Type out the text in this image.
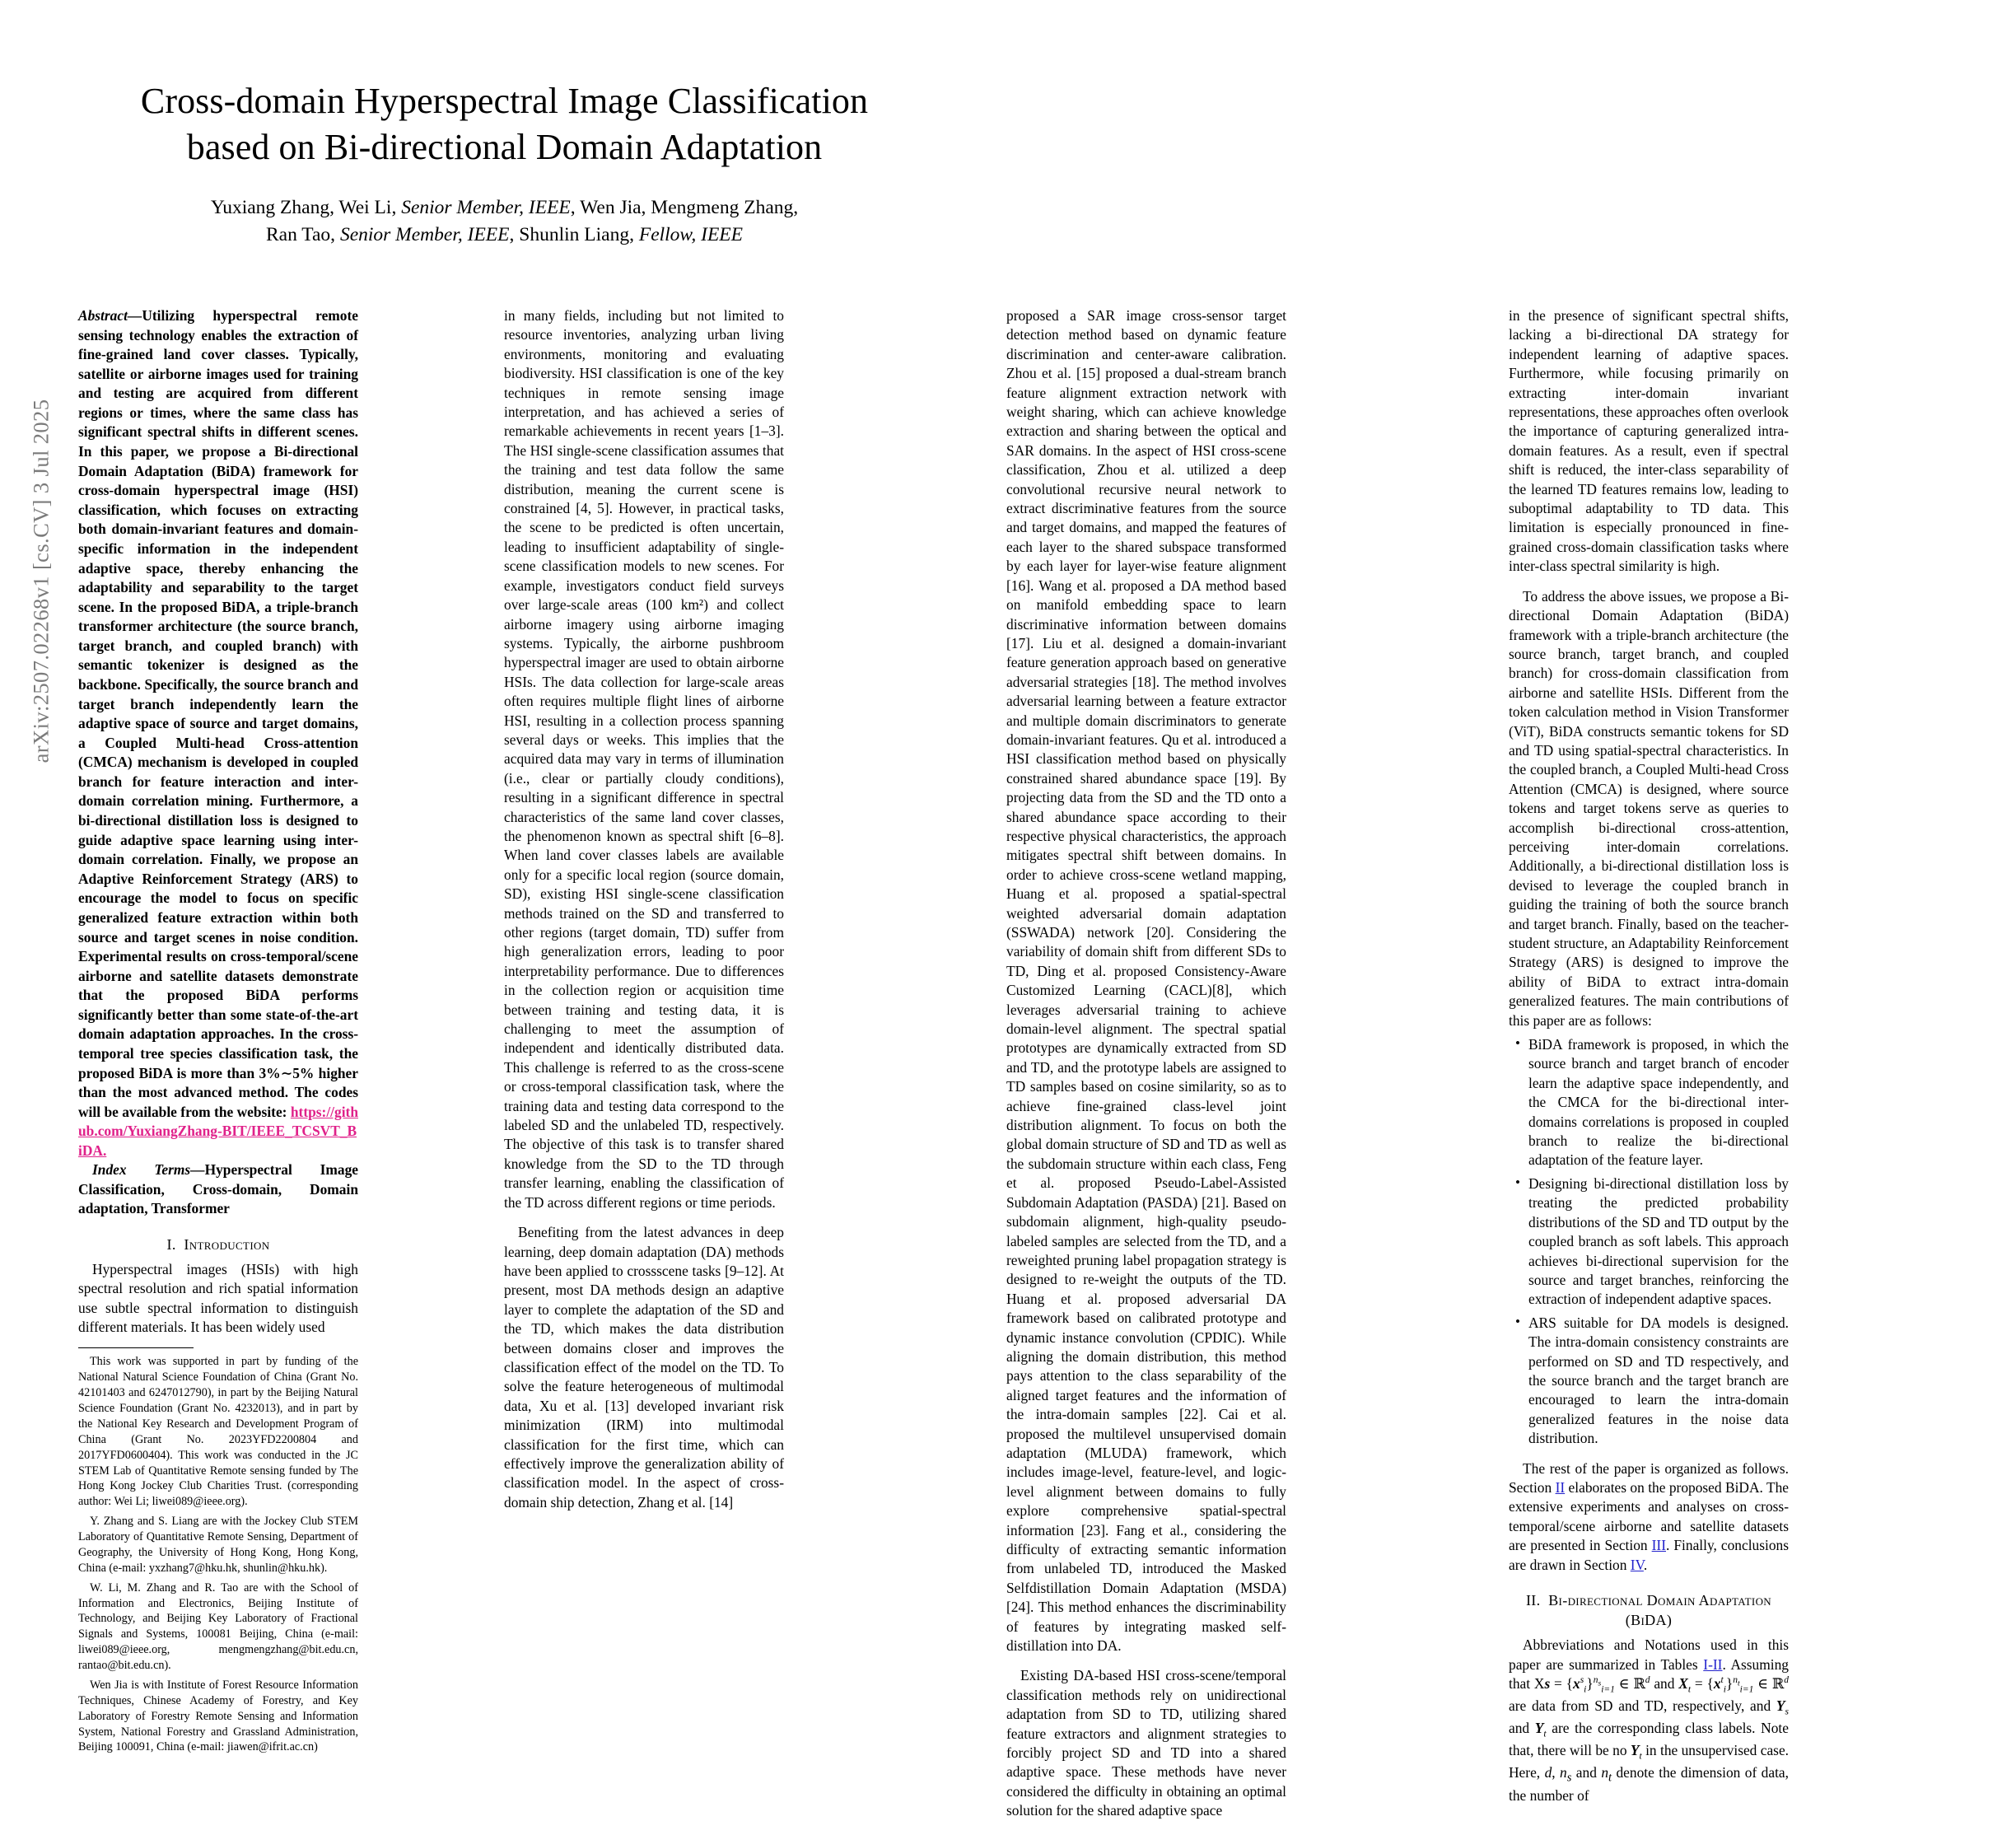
arXiv:2507.02268v1 [cs.CV] 3 Jul 2025
Cross-domain Hyperspectral Image Classification
based on Bi-directional Domain Adaptation
Yuxiang Zhang, Wei Li, Senior Member, IEEE, Wen Jia, Mengmeng Zhang,
Ran Tao, Senior Member, IEEE, Shunlin Liang, Fellow, IEEE

Abstract—Utilizing hyperspectral remote sensing technology enables the extraction of fine-grained land cover classes. Typically, satellite or airborne images used for training and testing are acquired from different regions or times, where the same class has significant spectral shifts in different scenes. In this paper, we propose a Bi-directional Domain Adaptation (BiDA) framework for cross-domain hyperspectral image (HSI) classification, which focuses on extracting both domain-invariant features and domain-specific information in the independent adaptive space, thereby enhancing the adaptability and separability to the target scene. In the proposed BiDA, a triple-branch transformer architecture (the source branch, target branch, and coupled branch) with semantic tokenizer is designed as the backbone. Specifically, the source branch and target branch independently learn the adaptive space of source and target domains, a Coupled Multi-head Cross-attention (CMCA) mechanism is developed in coupled branch for feature interaction and inter-domain correlation mining. Furthermore, a bi-directional distillation loss is designed to guide adaptive space learning using inter-domain correlation. Finally, we propose an Adaptive Reinforcement Strategy (ARS) to encourage the model to focus on specific generalized feature extraction within both source and target scenes in noise condition. Experimental results on cross-temporal/scene airborne and satellite datasets demonstrate that the proposed BiDA performs significantly better than some state-of-the-art domain adaptation approaches. In the cross-temporal tree species classification task, the proposed BiDA is more than 3%∼5% higher than the most advanced method. The codes will be available from the website: https://github.com/YuxiangZhang-BIT/IEEE_TCSVT_BiDA.

Index Terms—Hyperspectral Image Classification, Cross-domain, Domain adaptation, Transformer

I. Introduction

Hyperspectral images (HSIs) with high spectral resolution and rich spatial information use subtle spectral information to distinguish different materials. It has been widely used

This work was supported in part by funding of the National Natural Science Foundation of China (Grant No. 42101403 and 6247012790), in part by the Beijing Natural Science Foundation (Grant No. 4232013), and in part by the National Key Research and Development Program of China (Grant No. 2023YFD2200804 and 2017YFD0600404). This work was conducted in the JC STEM Lab of Quantitative Remote sensing funded by The Hong Kong Jockey Club Charities Trust. (corresponding author: Wei Li; liwei089@ieee.org).

Y. Zhang and S. Liang are with the Jockey Club STEM Laboratory of Quantitative Remote Sensing, Department of Geography, the University of Hong Kong, Hong Kong, China (e-mail: yxzhang7@hku.hk, shunlin@hku.hk).

W. Li, M. Zhang and R. Tao are with the School of Information and Electronics, Beijing Institute of Technology, and Beijing Key Laboratory of Fractional Signals and Systems, 100081 Beijing, China (e-mail: liwei089@ieee.org, mengmengzhang@bit.edu.cn, rantao@bit.edu.cn).

Wen Jia is with Institute of Forest Resource Information Techniques, Chinese Academy of Forestry, and Key Laboratory of Forestry Remote Sensing and Information System, National Forestry and Grassland Administration, Beijing 100091, China (e-mail: jiawen@ifrit.ac.cn)

in many fields, including but not limited to resource inventories, analyzing urban living environments, monitoring and evaluating biodiversity. HSI classification is one of the key techniques in remote sensing image interpretation, and has achieved a series of remarkable achievements in recent years [1–3]. The HSI single-scene classification assumes that the training and test data follow the same distribution, meaning the current scene is constrained [4, 5]. However, in practical tasks, the scene to be predicted is often uncertain, leading to insufficient adaptability of single-scene classification models to new scenes. For example, investigators conduct field surveys over large-scale areas (100 km²) and collect airborne imagery using airborne imaging systems. Typically, the airborne pushbroom hyperspectral imager are used to obtain airborne HSIs. The data collection for large-scale areas often requires multiple flight lines of airborne HSI, resulting in a collection process spanning several days or weeks. This implies that the acquired data may vary in terms of illumination (i.e., clear or partially cloudy conditions), resulting in a significant difference in spectral characteristics of the same land cover classes, the phenomenon known as spectral shift [6–8]. When land cover classes labels are available only for a specific local region (source domain, SD), existing HSI single-scene classification methods trained on the SD and transferred to other regions (target domain, TD) suffer from high generalization errors, leading to poor interpretability performance. Due to differences in the collection region or acquisition time between training and testing data, it is challenging to meet the assumption of independent and identically distributed data. This challenge is referred to as the cross-scene or cross-temporal classification task, where the training data and testing data correspond to the labeled SD and the unlabeled TD, respectively. The objective of this task is to transfer shared knowledge from the SD to the TD through transfer learning, enabling the classification of the TD across different regions or time periods.

Benefiting from the latest advances in deep learning, deep domain adaptation (DA) methods have been applied to crossscene tasks [9–12]. At present, most DA methods design an adaptive layer to complete the adaptation of the SD and the TD, which makes the data distribution between domains closer and improves the classification effect of the model on the TD. To solve the feature heterogeneous of multimodal data, Xu et al. [13] developed invariant risk minimization (IRM) into multimodal classification for the first time, which can effectively improve the generalization ability of classification model. In the aspect of cross-domain ship detection, Zhang et al. [14]

proposed a SAR image cross-sensor target detection method based on dynamic feature discrimination and center-aware calibration. Zhou et al. [15] proposed a dual-stream branch feature alignment extraction network with weight sharing, which can achieve knowledge extraction and sharing between the optical and SAR domains. In the aspect of HSI cross-scene classification, Zhou et al. utilized a deep convolutional recursive neural network to extract discriminative features from the source and target domains, and mapped the features of each layer to the shared subspace transformed by each layer for layer-wise feature alignment [16]. Wang et al. proposed a DA method based on manifold embedding space to learn discriminative information between domains [17]. Liu et al. designed a domain-invariant feature generation approach based on generative adversarial strategies [18]. The method involves adversarial learning between a feature extractor and multiple domain discriminators to generate domain-invariant features. Qu et al. introduced a HSI classification method based on physically constrained shared abundance space [19]. By projecting data from the SD and the TD onto a shared abundance space according to their respective physical characteristics, the approach mitigates spectral shift between domains. In order to achieve cross-scene wetland mapping, Huang et al. proposed a spatial-spectral weighted adversarial domain adaptation (SSWADA) network [20]. Considering the variability of domain shift from different SDs to TD, Ding et al. proposed Consistency-Aware Customized Learning (CACL)[8], which leverages adversarial training to achieve domain-level alignment. The spectral spatial prototypes are dynamically extracted from SD and TD, and the prototype labels are assigned to TD samples based on cosine similarity, so as to achieve fine-grained class-level joint distribution alignment. To focus on both the global domain structure of SD and TD as well as the subdomain structure within each class, Feng et al. proposed Pseudo-Label-Assisted Subdomain Adaptation (PASDA) [21]. Based on subdomain alignment, high-quality pseudo-labeled samples are selected from the TD, and a reweighted pruning label propagation strategy is designed to re-weight the outputs of the TD. Huang et al. proposed adversarial DA framework based on calibrated prototype and dynamic instance convolution (CPDIC). While aligning the domain distribution, this method pays attention to the class separability of the aligned target features and the information of the intra-domain samples [22]. Cai et al. proposed the multilevel unsupervised domain adaptation (MLUDA) framework, which includes image-level, feature-level, and logic-level alignment between domains to fully explore comprehensive spatial-spectral information [23]. Fang et al., considering the difficulty of extracting semantic information from unlabeled TD, introduced the Masked Selfdistillation Domain Adaptation (MSDA) [24]. This method enhances the discriminability of features by integrating masked self-distillation into DA.

Existing DA-based HSI cross-scene/temporal classification methods rely on unidirectional adaptation from SD to TD, utilizing shared feature extractors and alignment strategies to forcibly project SD and TD into a shared adaptive space. These methods have never considered the difficulty in obtaining an optimal solution for the shared adaptive space

in the presence of significant spectral shifts, lacking a bi-directional DA strategy for independent learning of adaptive spaces. Furthermore, while focusing primarily on extracting inter-domain invariant representations, these approaches often overlook the importance of capturing generalized intra-domain features. As a result, even if spectral shift is reduced, the inter-class separability of the learned TD features remains low, leading to suboptimal adaptability to TD data. This limitation is especially pronounced in fine-grained cross-domain classification tasks where inter-class spectral similarity is high.

To address the above issues, we propose a Bi-directional Domain Adaptation (BiDA) framework with a triple-branch architecture (the source branch, target branch, and coupled branch) for cross-domain classification from airborne and satellite HSIs. Different from the token calculation method in Vision Transformer (ViT), BiDA constructs semantic tokens for SD and TD using spatial-spectral characteristics. In the coupled branch, a Coupled Multi-head Cross Attention (CMCA) is designed, where source tokens and target tokens serve as queries to accomplish bi-directional cross-attention, perceiving inter-domain correlations. Additionally, a bi-directional distillation loss is devised to leverage the coupled branch in guiding the training of both the source branch and target branch. Finally, based on the teacher-student structure, an Adaptability Reinforcement Strategy (ARS) is designed to improve the ability of BiDA to extract intra-domain generalized features. The main contributions of this paper are as follows:

• BiDA framework is proposed, in which the source branch and target branch of encoder learn the adaptive space independently, and the CMCA for the bi-directional inter-domains correlations is proposed in coupled branch to realize the bi-directional adaptation of the feature layer.
• Designing bi-directional distillation loss by treating the predicted probability distributions of the SD and TD output by the coupled branch as soft labels. This approach achieves bi-directional supervision for the source and target branches, reinforcing the extraction of independent adaptive spaces.
• ARS suitable for DA models is designed. The intra-domain consistency constraints are performed on SD and TD respectively, and the source branch and the target branch are encouraged to learn the intra-domain generalized features in the noise data distribution.

The rest of the paper is organized as follows. Section II elaborates on the proposed BiDA. The extensive experiments and analyses on cross-temporal/scene airborne and satellite datasets are presented in Section III. Finally, conclusions are drawn in Section IV.

II. Bi-directional Domain Adaptation (BiDA)

Abbreviations and Notations used in this paper are summarized in Tables I-II. Assuming that $Xs = \{x^s_i\}^{n_s}_{i=1}$ ∈ ℝ$^d$ and $X_t = \{x^t_i\}^{n_t}_{i=1}$ ∈ ℝ$^d$ are data from SD and TD, respectively, and $Y_s$ and $Y_t$ are the corresponding class labels. Note that, there will be no $Y_t$ in the unsupervised case. Here, d, $n_s$ and $n_t$ denote the dimension of data, the number of
